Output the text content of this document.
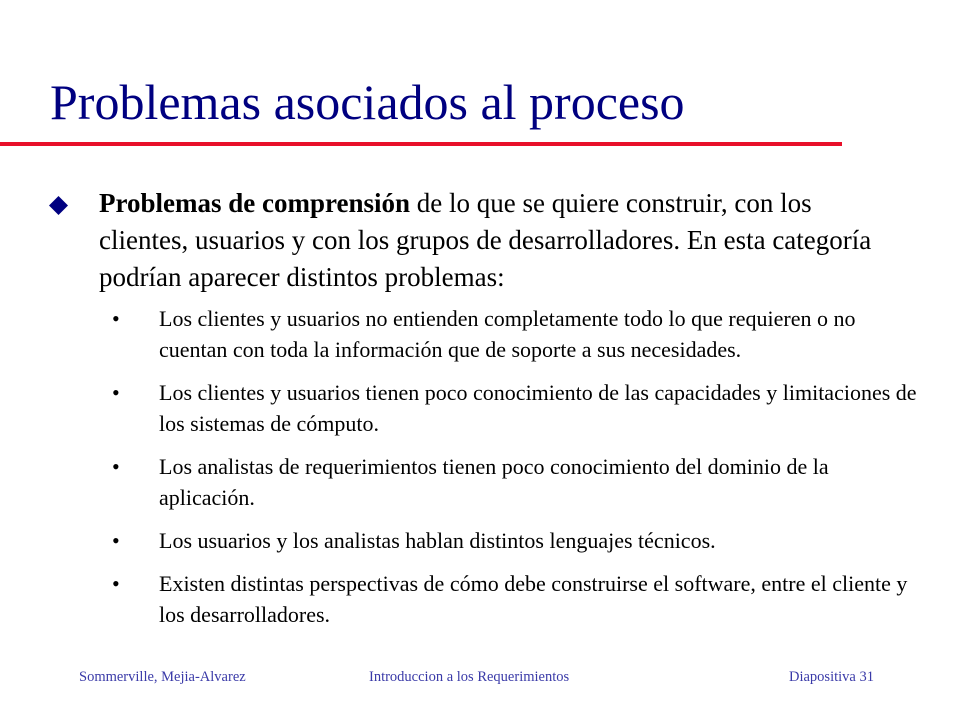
Problemas asociados al proceso
Problemas de comprensión de lo que se quiere construir, con los clientes, usuarios y con los grupos de desarrolladores. En esta categoría podrían aparecer distintos problemas:
• Los clientes y usuarios no entienden completamente todo lo que requieren o no cuentan con toda la información que de soporte a sus necesidades.
• Los clientes y usuarios tienen poco conocimiento de las capacidades y limitaciones de los sistemas de cómputo.
• Los analistas de requerimientos tienen poco conocimiento del dominio de la aplicación.
• Los usuarios y los analistas hablan distintos lenguajes técnicos.
• Existen distintas perspectivas de cómo debe construirse el software, entre el cliente y los desarrolladores.
Sommerville, Mejia-Alvarez	Introduccion a los Requerimientos	Diapositiva 31
